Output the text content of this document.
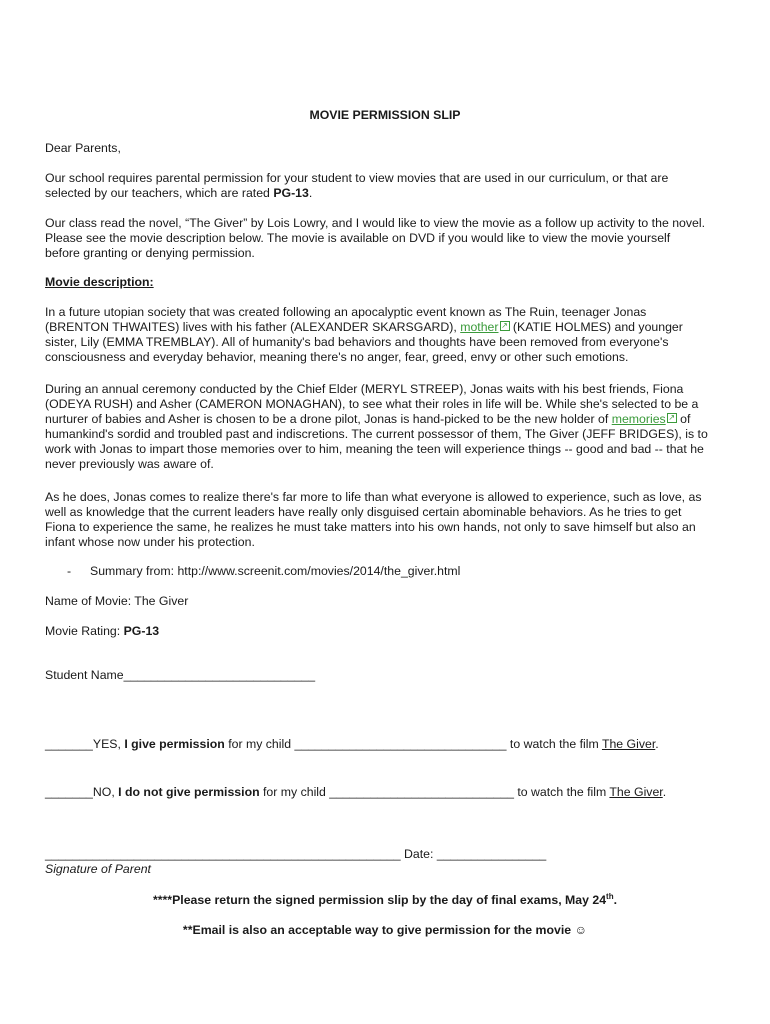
MOVIE PERMISSION SLIP
Dear Parents,
Our school requires parental permission for your student to view movies that are used in our curriculum, or that are
selected by our teachers, which are rated PG-13.
Our class read the novel, “The Giver” by Lois Lowry, and I would like to view the movie as a follow up activity to the novel.
Please see the movie description below. The movie is available on DVD if you would like to view the movie yourself
before granting or denying permission.
Movie description:
In a future utopian society that was created following an apocalyptic event known as The Ruin, teenager Jonas
(BRENTON THWAITES) lives with his father (ALEXANDER SKARSGARD), mother ↗ (KATIE HOLMES) and younger
sister, Lily (EMMA TREMBLAY). All of humanity's bad behaviors and thoughts have been removed from everyone's
consciousness and everyday behavior, meaning there's no anger, fear, greed, envy or other such emotions.
During an annual ceremony conducted by the Chief Elder (MERYL STREEP), Jonas waits with his best friends, Fiona
(ODEYA RUSH) and Asher (CAMERON MONAGHAN), to see what their roles in life will be. While she's selected to be a
nurturer of babies and Asher is chosen to be a drone pilot, Jonas is hand-picked to be the new holder of memories ↗ of
humankind's sordid and troubled past and indiscretions. The current possessor of them, The Giver (JEFF BRIDGES), is to
work with Jonas to impart those memories over to him, meaning the teen will experience things -- good and bad -- that he
never previously was aware of.
As he does, Jonas comes to realize there's far more to life than what everyone is allowed to experience, such as love, as
well as knowledge that the current leaders have really only disguised certain abominable behaviors. As he tries to get
Fiona to experience the same, he realizes he must take matters into his own hands, not only to save himself but also an
infant whose now under his protection.
- Summary from: http://www.screenit.com/movies/2014/the_giver.html
Name of Movie: The Giver
Movie Rating: PG-13
Student Name____________________________
_______YES, I give permission for my child _______________________________ to watch the film The Giver.
_______NO, I do not give permission for my child ___________________________ to watch the film The Giver.
____________________________________________________ Date: ________________
Signature of Parent
****Please return the signed permission slip by the day of final exams, May 24th.
**Email is also an acceptable way to give permission for the movie ☺
